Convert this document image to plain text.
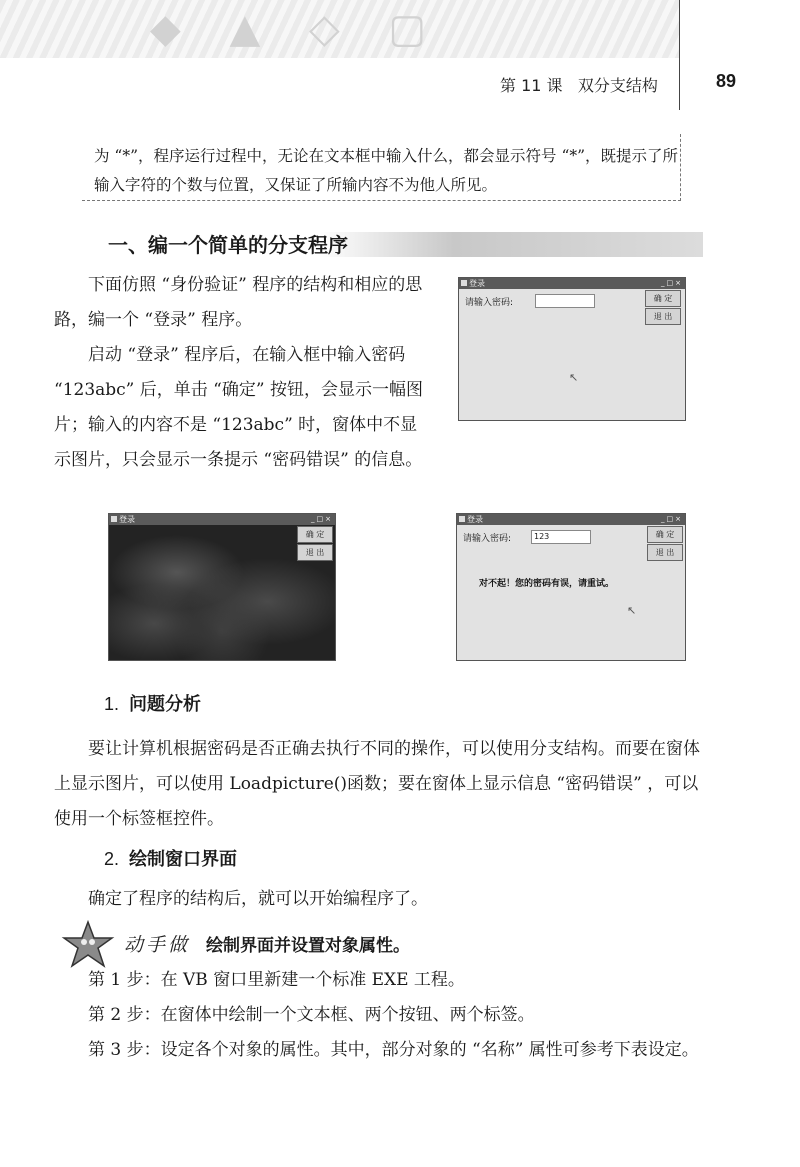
◆ ▲ ◇ ▢
第 11 课 双分支结构	89
为 “*”，程序运行过程中，无论在文本框中输入什么，都会显示符号 “*”，既提示了所输入字符的个数与位置，又保证了所输内容不为他人所见。
一、编一个简单的分支程序
下面仿照 “身份验证” 程序的结构和相应的思路，编一个 “登录” 程序。
启动 “登录” 程序后，在输入框中输入密码 “123abc” 后，单击 “确定” 按钮，会显示一幅图片；输入的内容不是 “123abc” 时，窗体中不显示图片，只会显示一条提示 “密码错误” 的信息。
登录	_□×
请输入密码:	确 定
退 出
↖
登录	_□×
确 定
退 出
登录	_□×
请输入密码:	123	确 定
退 出
对不起！您的密码有误，请重试。
↖
1. 问题分析
要让计算机根据密码是否正确去执行不同的操作，可以使用分支结构。而要在窗体上显示图片，可以使用 Loadpicture()函数；要在窗体上显示信息 “密码错误” ，可以使用一个标签框控件。
2. 绘制窗口界面
确定了程序的结构后，就可以开始编程序了。
动手做 绘制界面并设置对象属性。
第 1 步：在 VB 窗口里新建一个标准 EXE 工程。
第 2 步：在窗体中绘制一个文本框、两个按钮、两个标签。
第 3 步：设定各个对象的属性。其中，部分对象的 “名称” 属性可参考下表设定。
